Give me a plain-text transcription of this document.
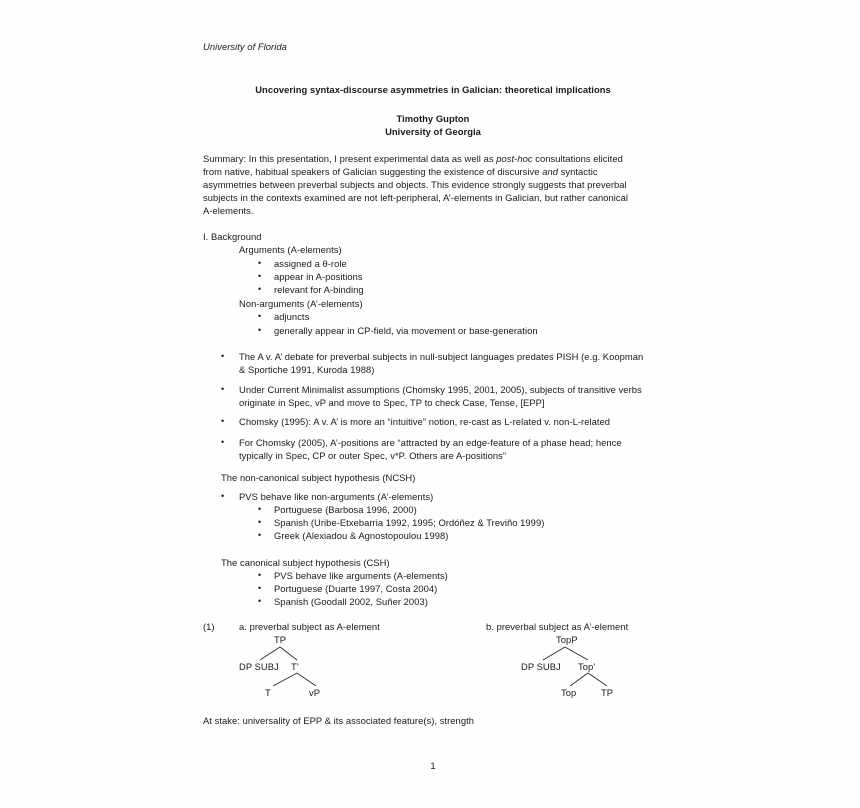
University of Florida
Uncovering syntax-discourse asymmetries in Galician: theoretical implications
Timothy Gupton
University of Georgia
Summary: In this presentation, I present experimental data as well as post-hoc consultations elicited
from native, habitual speakers of Galician suggesting the existence of discursive and syntactic
asymmetries between preverbal subjects and objects. This evidence strongly suggests that preverbal
subjects in the contexts examined are not left-peripheral, A’-elements in Galician, but rather canonical
A-elements.
I. Background
Arguments (A-elements)
• assigned a θ-role
• appear in A-positions
• relevant for A-binding
Non-arguments (A’-elements)
• adjuncts
• generally appear in CP-field, via movement or base-generation
• The A v. A’ debate for preverbal subjects in null-subject languages predates PISH (e.g. Koopman
& Sportiche 1991, Kuroda 1988)
• Under Current Minimalist assumptions (Chomsky 1995, 2001, 2005), subjects of transitive verbs
originate in Spec, vP and move to Spec, TP to check Case, Tense, [EPP]
• Chomsky (1995): A v. A’ is more an “intuitive” notion, re-cast as L-related v. non-L-related
• For Chomsky (2005), A’-positions are “attracted by an edge-feature of a phase head; hence
typically in Spec, CP or outer Spec, v*P. Others are A-positions”
The non-canonical subject hypothesis (NCSH)
• PVS behave like non-arguments (A’-elements)
• Portuguese (Barbosa 1996, 2000)
• Spanish (Uribe-Etxebarria 1992, 1995; Ordóñez & Treviño 1999)
• Greek (Alexiadou & Agnostopoulou 1998)
The canonical subject hypothesis (CSH)
• PVS behave like arguments (A-elements)
• Portuguese (Duarte 1997, Costa 2004)
• Spanish (Goodall 2002, Suñer 2003)
(1)	a. preverbal subject as A-element	b. preverbal subject as A’-element
TP
DP SUBJ T’
T	vP
TopP
DP SUBJ Top’
Top	TP
At stake: universality of EPP & its associated feature(s), strength
1
